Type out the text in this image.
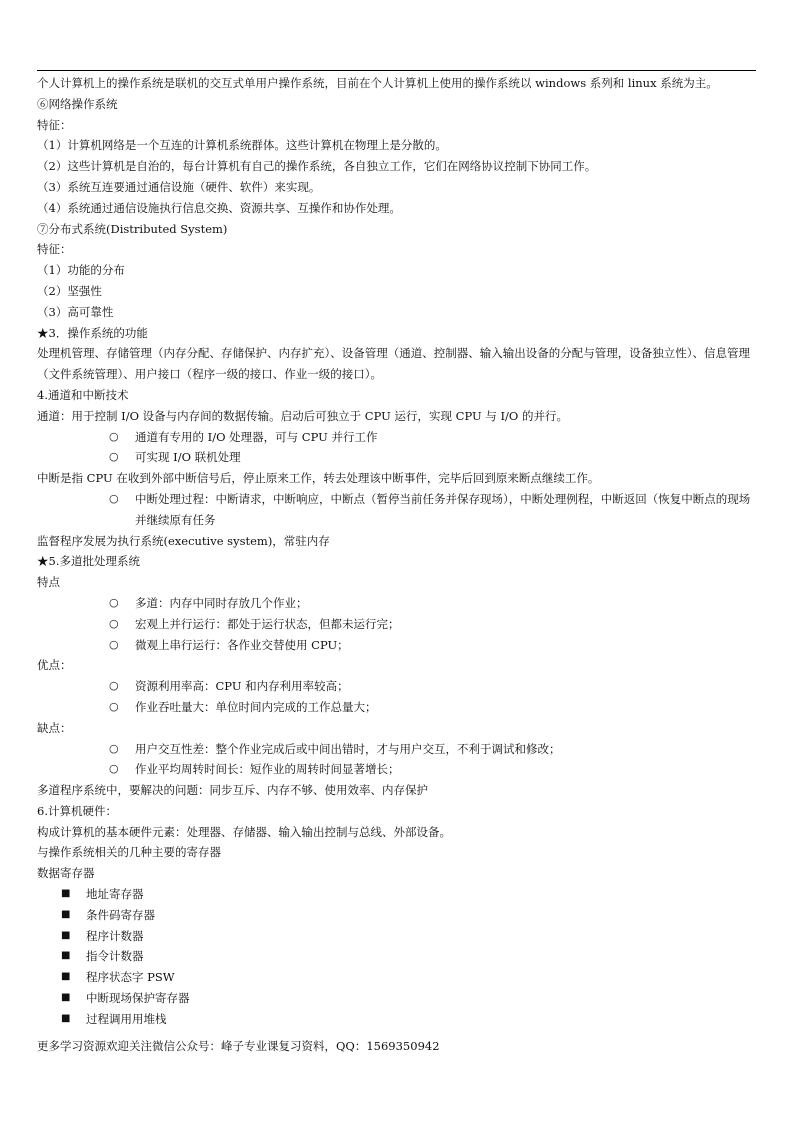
个人计算机上的操作系统是联机的交互式单用户操作系统，目前在个人计算机上使用的操作系统以 windows 系列和 linux 系统为主。
⑥网络操作系统
特征：
（1）计算机网络是一个互连的计算机系统群体。这些计算机在物理上是分散的。
（2）这些计算机是自治的，每台计算机有自己的操作系统，各自独立工作，它们在网络协议控制下协同工作。
（3）系统互连要通过通信设施（硬件、软件）来实现。
（4）系统通过通信设施执行信息交换、资源共享、互操作和协作处理。
⑦分布式系统(Distributed System)
特征：
（1）功能的分布
（2）坚强性
（3）高可靠性
★3．操作系统的功能
处理机管理、存储管理（内存分配、存储保护、内存扩充）、设备管理（通道、控制器、输入输出设备的分配与管理，设备独立性）、信息管理（文件系统管理）、用户接口（程序一级的接口、作业一级的接口）。
4.通道和中断技术
通道：用于控制 I/O 设备与内存间的数据传输。启动后可独立于 CPU 运行，实现 CPU 与 I/O 的并行。
○ 通道有专用的 I/O 处理器，可与 CPU 并行工作
○ 可实现 I/O 联机处理
中断是指 CPU 在收到外部中断信号后，停止原来工作，转去处理该中断事件，完毕后回到原来断点继续工作。
○ 中断处理过程：中断请求，中断响应，中断点（暂停当前任务并保存现场），中断处理例程，中断返回（恢复中断点的现场并继续原有任务
监督程序发展为执行系统(executive system)，常驻内存
★5.多道批处理系统
特点
○ 多道：内存中同时存放几个作业；
○ 宏观上并行运行：都处于运行状态，但都未运行完；
○ 微观上串行运行：各作业交替使用 CPU；
优点：
○ 资源利用率高：CPU 和内存利用率较高；
○ 作业吞吐量大：单位时间内完成的工作总量大；
缺点：
○ 用户交互性差：整个作业完成后或中间出错时，才与用户交互，不利于调试和修改；
○ 作业平均周转时间长：短作业的周转时间显著增长；
多道程序系统中，要解决的问题：同步互斥、内存不够、使用效率、内存保护
6.计算机硬件：
构成计算机的基本硬件元素：处理器、存储器、输入输出控制与总线、外部设备。
与操作系统相关的几种主要的寄存器
数据寄存器
■ 地址寄存器
■ 条件码寄存器
■ 程序计数器
■ 指令计数器
■ 程序状态字 PSW
■ 中断现场保护寄存器
■ 过程调用用堆栈
更多学习资源欢迎关注微信公众号：峰子专业课复习资料，QQ：1569350942
